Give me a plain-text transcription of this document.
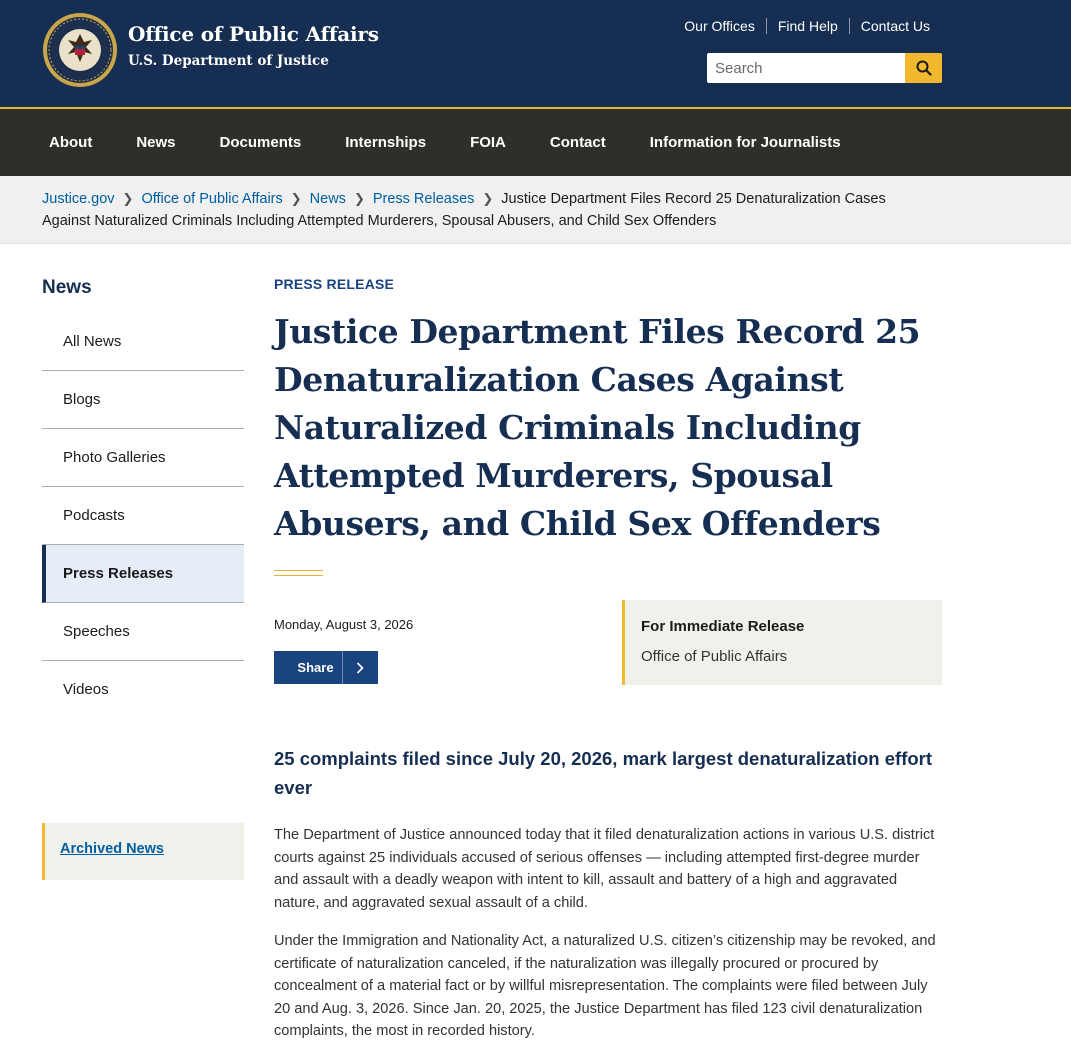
Office of Public Affairs
U.S. Department of Justice
Our Offices	Find Help	Contact Us
Search
About	News	Documents	Internships	FOIA	Contact	Information for Journalists
Justice.gov ❯ Office of Public Affairs ❯ News ❯ Press Releases ❯ Justice Department Files Record 25 Denaturalization Cases Against Naturalized Criminals Including Attempted Murderers, Spousal Abusers, and Child Sex Offenders
News
All News
Blogs
Photo Galleries
Podcasts
Press Releases
Speeches
Videos
Archived News
PRESS RELEASE
Justice Department Files Record 25 Denaturalization Cases Against Naturalized Criminals Including Attempted Murderers, Spousal Abusers, and Child Sex Offenders
Monday, August 3, 2026
Share
For Immediate Release
Office of Public Affairs
25 complaints filed since July 20, 2026, mark largest denaturalization effort ever

The Department of Justice announced today that it filed denaturalization actions in various U.S. district courts against 25 individuals accused of serious offenses — including attempted first-degree murder and assault with a deadly weapon with intent to kill, assault and battery of a high and aggravated nature, and aggravated sexual assault of a child.

Under the Immigration and Nationality Act, a naturalized U.S. citizen’s citizenship may be revoked, and certificate of naturalization canceled, if the naturalization was illegally procured or procured by concealment of a material fact or by willful misrepresentation. The complaints were filed between July 20 and Aug. 3, 2026. Since Jan. 20, 2025, the Justice Department has filed 123 civil denaturalization complaints, the most in recorded history.
